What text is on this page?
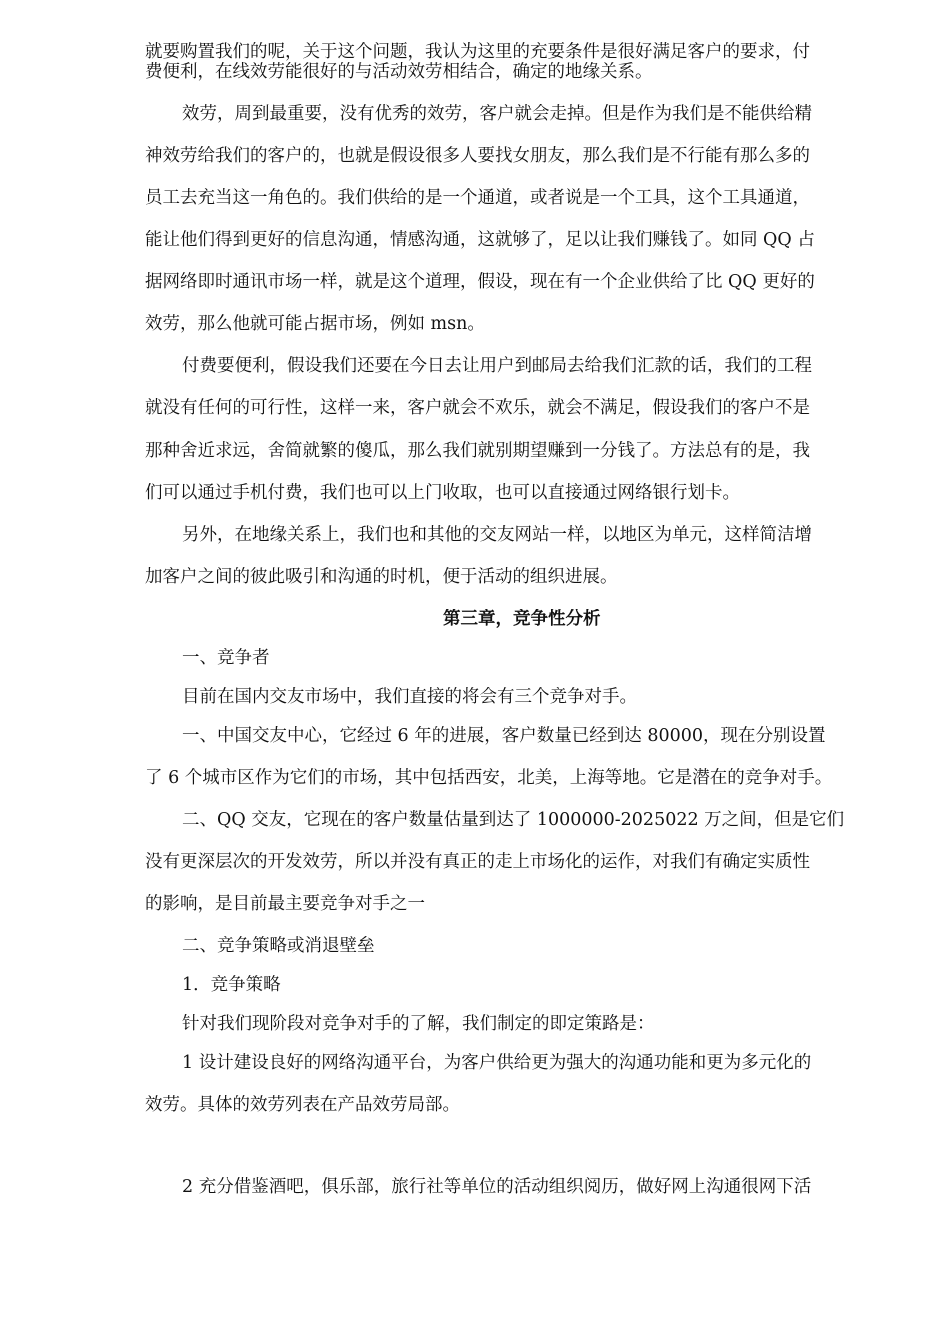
就要购置我们的呢，关于这个问题，我认为这里的充要条件是很好满足客户的要求，付
费便利，在线效劳能很好的与活动效劳相结合，确定的地缘关系。
效劳，周到最重要，没有优秀的效劳，客户就会走掉。但是作为我们是不能供给精
神效劳给我们的客户的，也就是假设很多人要找女朋友，那么我们是不行能有那么多的
员工去充当这一角色的。我们供给的是一个通道，或者说是一个工具，这个工具通道，
能让他们得到更好的信息沟通，情感沟通，这就够了，足以让我们赚钱了。如同 QQ 占
据网络即时通讯市场一样，就是这个道理，假设，现在有一个企业供给了比 QQ 更好的
效劳，那么他就可能占据市场，例如 msn。
付费要便利，假设我们还要在今日去让用户到邮局去给我们汇款的话，我们的工程
就没有任何的可行性，这样一来，客户就会不欢乐，就会不满足，假设我们的客户不是
那种舍近求远，舍简就繁的傻瓜，那么我们就别期望赚到一分钱了。方法总有的是，我
们可以通过手机付费，我们也可以上门收取，也可以直接通过网络银行划卡。
另外，在地缘关系上，我们也和其他的交友网站一样，以地区为单元，这样简洁增
加客户之间的彼此吸引和沟通的时机，便于活动的组织进展。
第三章，竞争性分析
一、竞争者
目前在国内交友市场中，我们直接的将会有三个竞争对手。
一、中国交友中心，它经过 6 年的进展，客户数量已经到达 80000，现在分别设置
了 6 个城市区作为它们的市场，其中包括西安，北美，上海等地。它是潜在的竞争对手。
二、QQ 交友，它现在的客户数量估量到达了 1000000-2025022 万之间，但是它们
没有更深层次的开发效劳，所以并没有真正的走上市场化的运作，对我们有确定实质性
的影响，是目前最主要竞争对手之一
二、竞争策略或消退壁垒
1．竞争策略
针对我们现阶段对竞争对手的了解，我们制定的即定策路是：
1 设计建设良好的网络沟通平台，为客户供给更为强大的沟通功能和更为多元化的
效劳。具体的效劳列表在产品效劳局部。
2 充分借鉴酒吧，俱乐部，旅行社等单位的活动组织阅历，做好网上沟通很网下活
